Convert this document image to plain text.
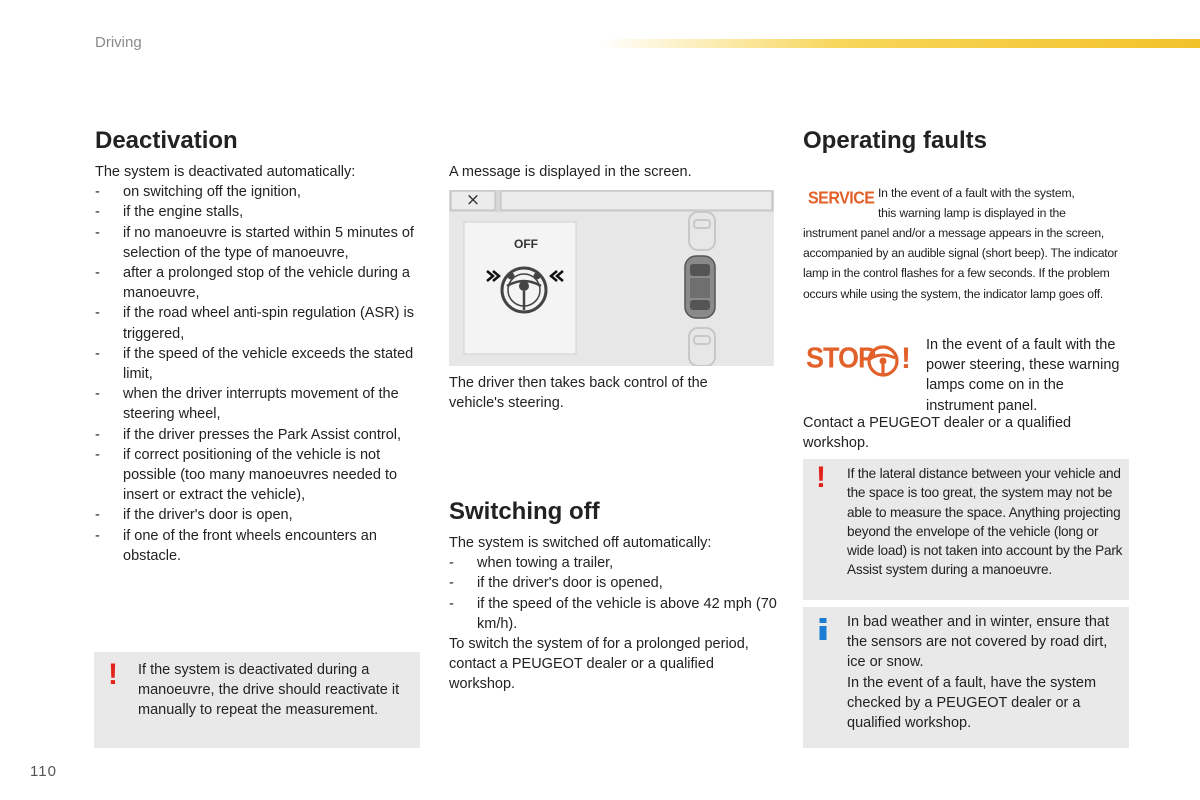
Driving
Deactivation

The system is deactivated automatically:

- on switching off the ignition,
- if the engine stalls,
- if no manoeuvre is started within 5 minutes of selection of the type of manoeuvre,
- after a prolonged stop of the vehicle during a manoeuvre,
- if the road wheel anti-spin regulation (ASR) is triggered,
- if the speed of the vehicle exceeds the stated limit,
- when the driver interrupts movement of the steering wheel,
- if the driver presses the Park Assist control,
- if correct positioning of the vehicle is not possible (too many manoeuvres needed to insert or extract the vehicle),
- if the driver's door is open,
- if one of the front wheels encounters an obstacle.
! If the system is deactivated during a manoeuvre, the drive should reactivate it manually to repeat the measurement.
A message is displayed in the screen.
×
OFF
The driver then takes back control of the vehicle's steering.
Switching off

The system is switched off automatically:

- when towing a trailer,
- if the driver's door is opened,
- if the speed of the vehicle is above 42 mph (70 km/h).

To switch the system of for a prolonged period, contact a PEUGEOT dealer or a qualified workshop.

Operating faults
SERVICE In the event of a fault with the system,
this warning lamp is displayed in the
instrument panel and/or a message appears in the screen, accompanied by an audible signal (short beep). The indicator lamp in the control flashes for a few seconds. If the problem occurs while using the system, the indicator lamp goes off.
STOP ! In the event of a fault with the power steering, these warning lamps come on in the instrument panel.
Contact a PEUGEOT dealer or a qualified workshop.
! If the lateral distance between your vehicle and the space is too great, the system may not be able to measure the space. Anything projecting beyond the envelope of the vehicle (long or wide load) is not taken into account by the Park Assist system during a manoeuvre.

In bad weather and in winter, ensure that the sensors are not covered by road dirt, ice or snow.

In the event of a fault, have the system checked by a PEUGEOT dealer or a qualified workshop.

110
